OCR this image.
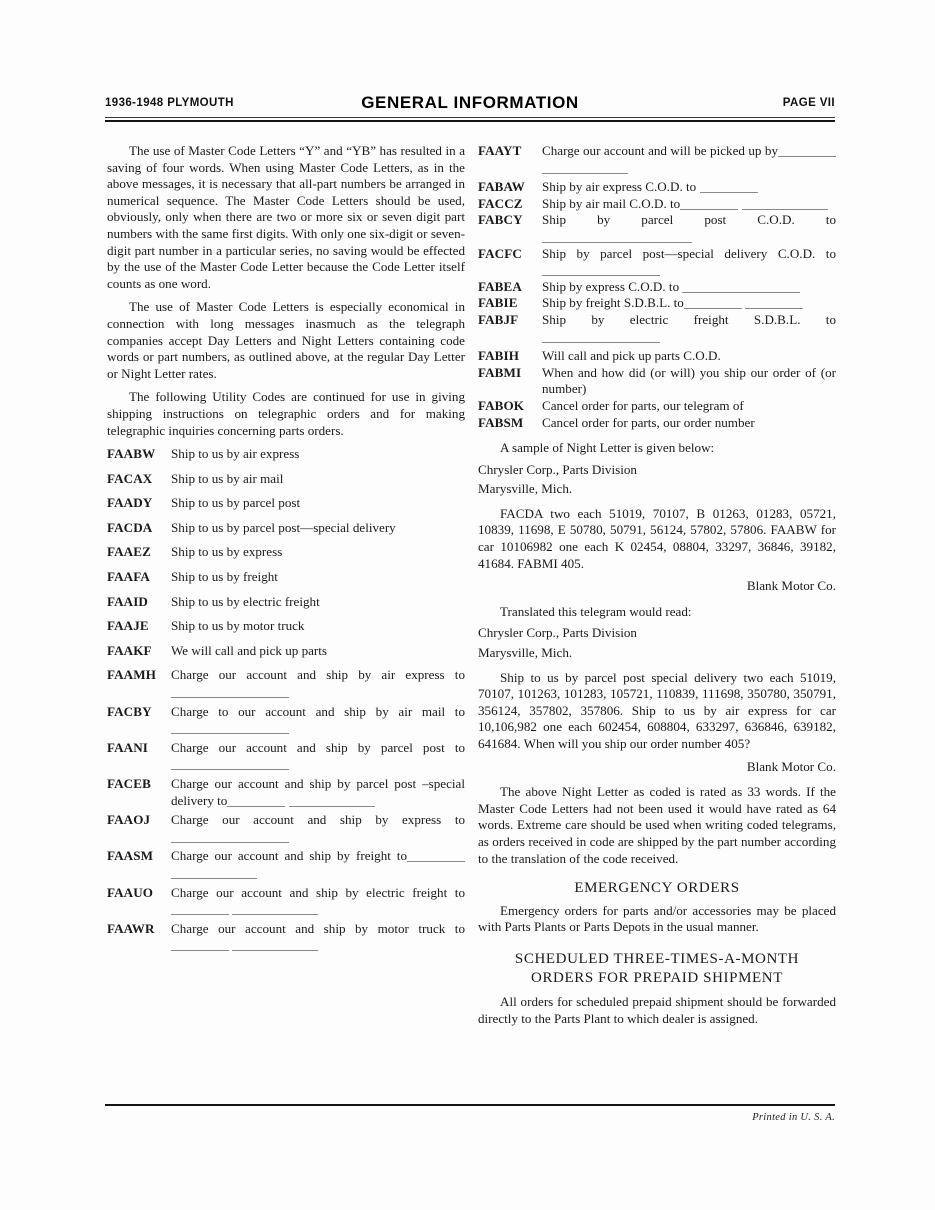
1936-1948 PLYMOUTH	GENERAL INFORMATION	PAGE VII

The use of Master Code Letters “Y” and “YB” has resulted in a saving of four words. When using Master Code Letters, as in the above messages, it is necessary that all-part numbers be arranged in numerical sequence. The Master Code Letters should be used, obviously, only when there are two or more six or seven digit part numbers with the same first digits. With only one six-digit or seven-digit part number in a particular series, no saving would be effected by the use of the Master Code Letter because the Code Letter itself counts as one word.

The use of Master Code Letters is especially economical in connection with long messages inasmuch as the telegraph companies accept Day Letters and Night Letters containing code words or part numbers, as outlined above, at the regular Day Letter or Night Letter rates.

The following Utility Codes are continued for use in giving shipping instructions on telegraphic orders and for making telegraphic inquiries concerning parts orders.

FAABW	Ship to us by air express
FACAX	Ship to us by air mail
FAADY	Ship to us by parcel post
FACDA	Ship to us by parcel post—special delivery
FAAEZ	Ship to us by express
FAAFA	Ship to us by freight
FAAID	Ship to us by electric freight
FAAJE	Ship to us by motor truck
FAAKF	We will call and pick up parts
FAAMH	Charge our account and ship by air express to
FACBY	Charge to our account and ship by air mail to
FAANI	Charge our account and ship by parcel post to
FACEB	Charge our account and ship by parcel post –special delivery to
FAAOJ	Charge our account and ship by express to
FAASM	Charge our account and ship by freight to
FAAUO	Charge our account and ship by electric freight to
FAAWR	Charge our account and ship by motor truck to
FAAYT	Charge our account and will be picked up by
FABAW	Ship by air express C.O.D. to
FACCZ	Ship by air mail C.O.D. to
FABCY	Ship by parcel post C.O.D. to
FACFC	Ship by parcel post—special delivery C.O.D. to
FABEA	Ship by express C.O.D. to
FABIE	Ship by freight S.D.B.L. to
FABJF	Ship by electric freight S.D.B.L. to
FABIH	Will call and pick up parts C.O.D.
FABMI	When and how did (or will) you ship our order of (or number)
FABOK	Cancel order for parts, our telegram of
FABSM	Cancel order for parts, our order number

A sample of Night Letter is given below:

Chrysler Corp., Parts Division

Marysville, Mich.

FACDA two each 51019, 70107, B 01263, 01283, 05721, 10839, 11698, E 50780, 50791, 56124, 57802, 57806. FAABW for car 10106982 one each K 02454, 08804, 33297, 36846, 39182, 41684. FABMI 405.

Blank Motor Co.

Translated this telegram would read:

Chrysler Corp., Parts Division

Marysville, Mich.

Ship to us by parcel post special delivery two each 51019, 70107, 101263, 101283, 105721, 110839, 111698, 350780, 350791, 356124, 357802, 357806. Ship to us by air express for car 10,106,982 one each 602454, 608804, 633297, 636846, 639182, 641684. When will you ship our order number 405?

Blank Motor Co.

The above Night Letter as coded is rated as 33 words. If the Master Code Letters had not been used it would have rated as 64 words. Extreme care should be used when writing coded telegrams, as orders received in code are shipped by the part number according to the translation of the code received.

EMERGENCY ORDERS

Emergency orders for parts and/or accessories may be placed with Parts Plants or Parts Depots in the usual manner.

SCHEDULED THREE-TIMES-A-MONTH
ORDERS FOR PREPAID SHIPMENT

All orders for scheduled prepaid shipment should be forwarded directly to the Parts Plant to which dealer is assigned.

Printed in U. S. A.
